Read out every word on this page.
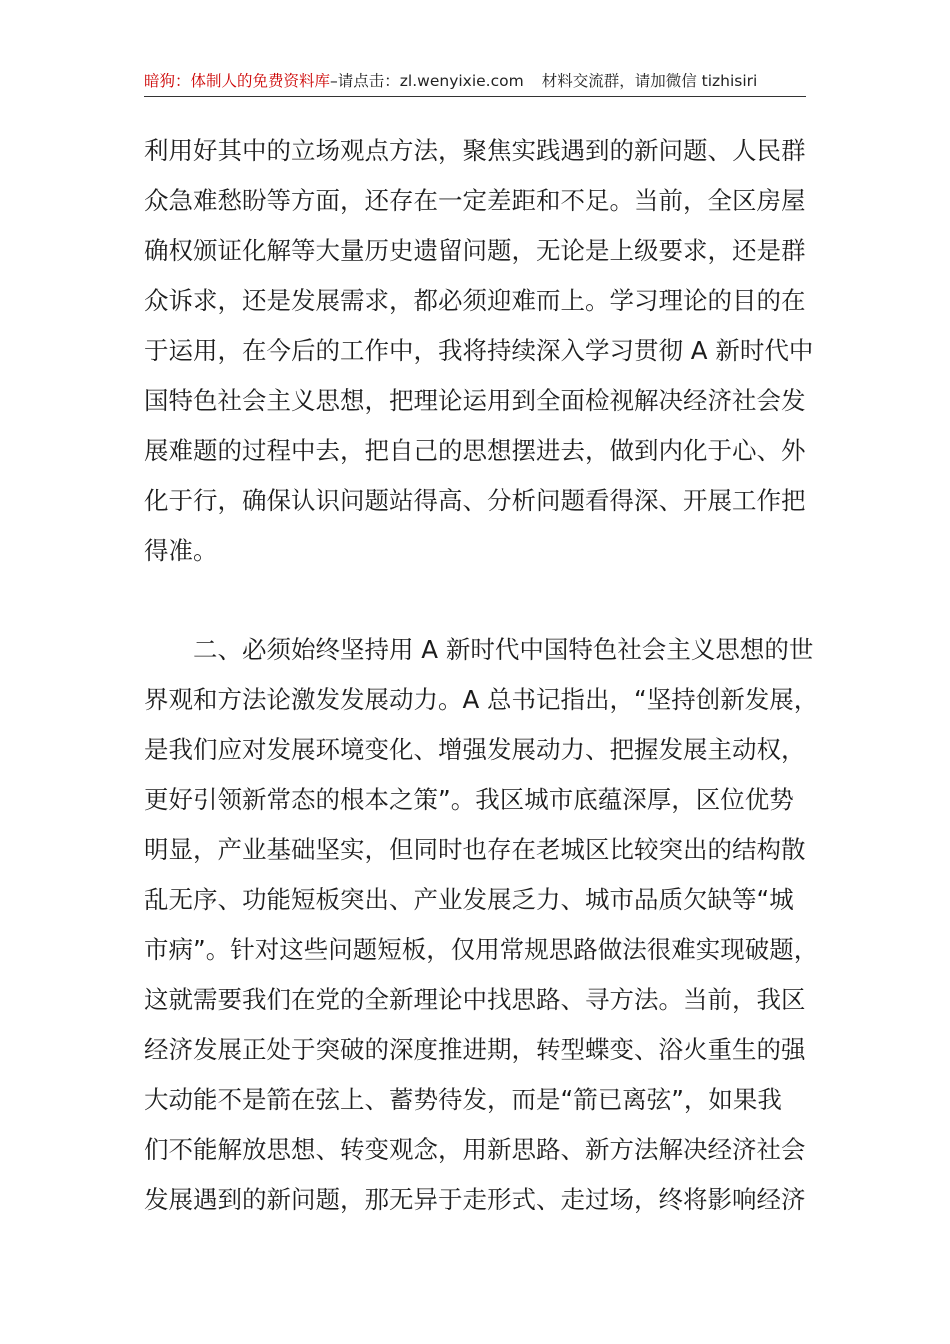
暗狗：体制人的免费资料库–请点击：zl.wenyixie.com 材料交流群，请加微信 tizhisiri
利用好其中的立场观点方法，聚焦实践遇到的新问题、人民群
众急难愁盼等方面，还存在一定差距和不足。当前，全区房屋
确权颁证化解等大量历史遗留问题，无论是上级要求，还是群
众诉求，还是发展需求，都必须迎难而上。学习理论的目的在
于运用，在今后的工作中，我将持续深入学习贯彻 A 新时代中
国特色社会主义思想，把理论运用到全面检视解决经济社会发
展难题的过程中去，把自己的思想摆进去，做到内化于心、外
化于行，确保认识问题站得高、分析问题看得深、开展工作把
得准。
二、必须始终坚持用 A 新时代中国特色社会主义思想的世
界观和方法论激发发展动力。A 总书记指出，“坚持创新发展，
是我们应对发展环境变化、增强发展动力、把握发展主动权，
更好引领新常态的根本之策”。我区城市底蕴深厚，区位优势
明显，产业基础坚实，但同时也存在老城区比较突出的结构散
乱无序、功能短板突出、产业发展乏力、城市品质欠缺等“城
市病”。针对这些问题短板，仅用常规思路做法很难实现破题，
这就需要我们在党的全新理论中找思路、寻方法。当前，我区
经济发展正处于突破的深度推进期，转型蝶变、浴火重生的强
大动能不是箭在弦上、蓄势待发，而是“箭已离弦”，如果我
们不能解放思想、转变观念，用新思路、新方法解决经济社会
发展遇到的新问题，那无异于走形式、走过场，终将影响经济
